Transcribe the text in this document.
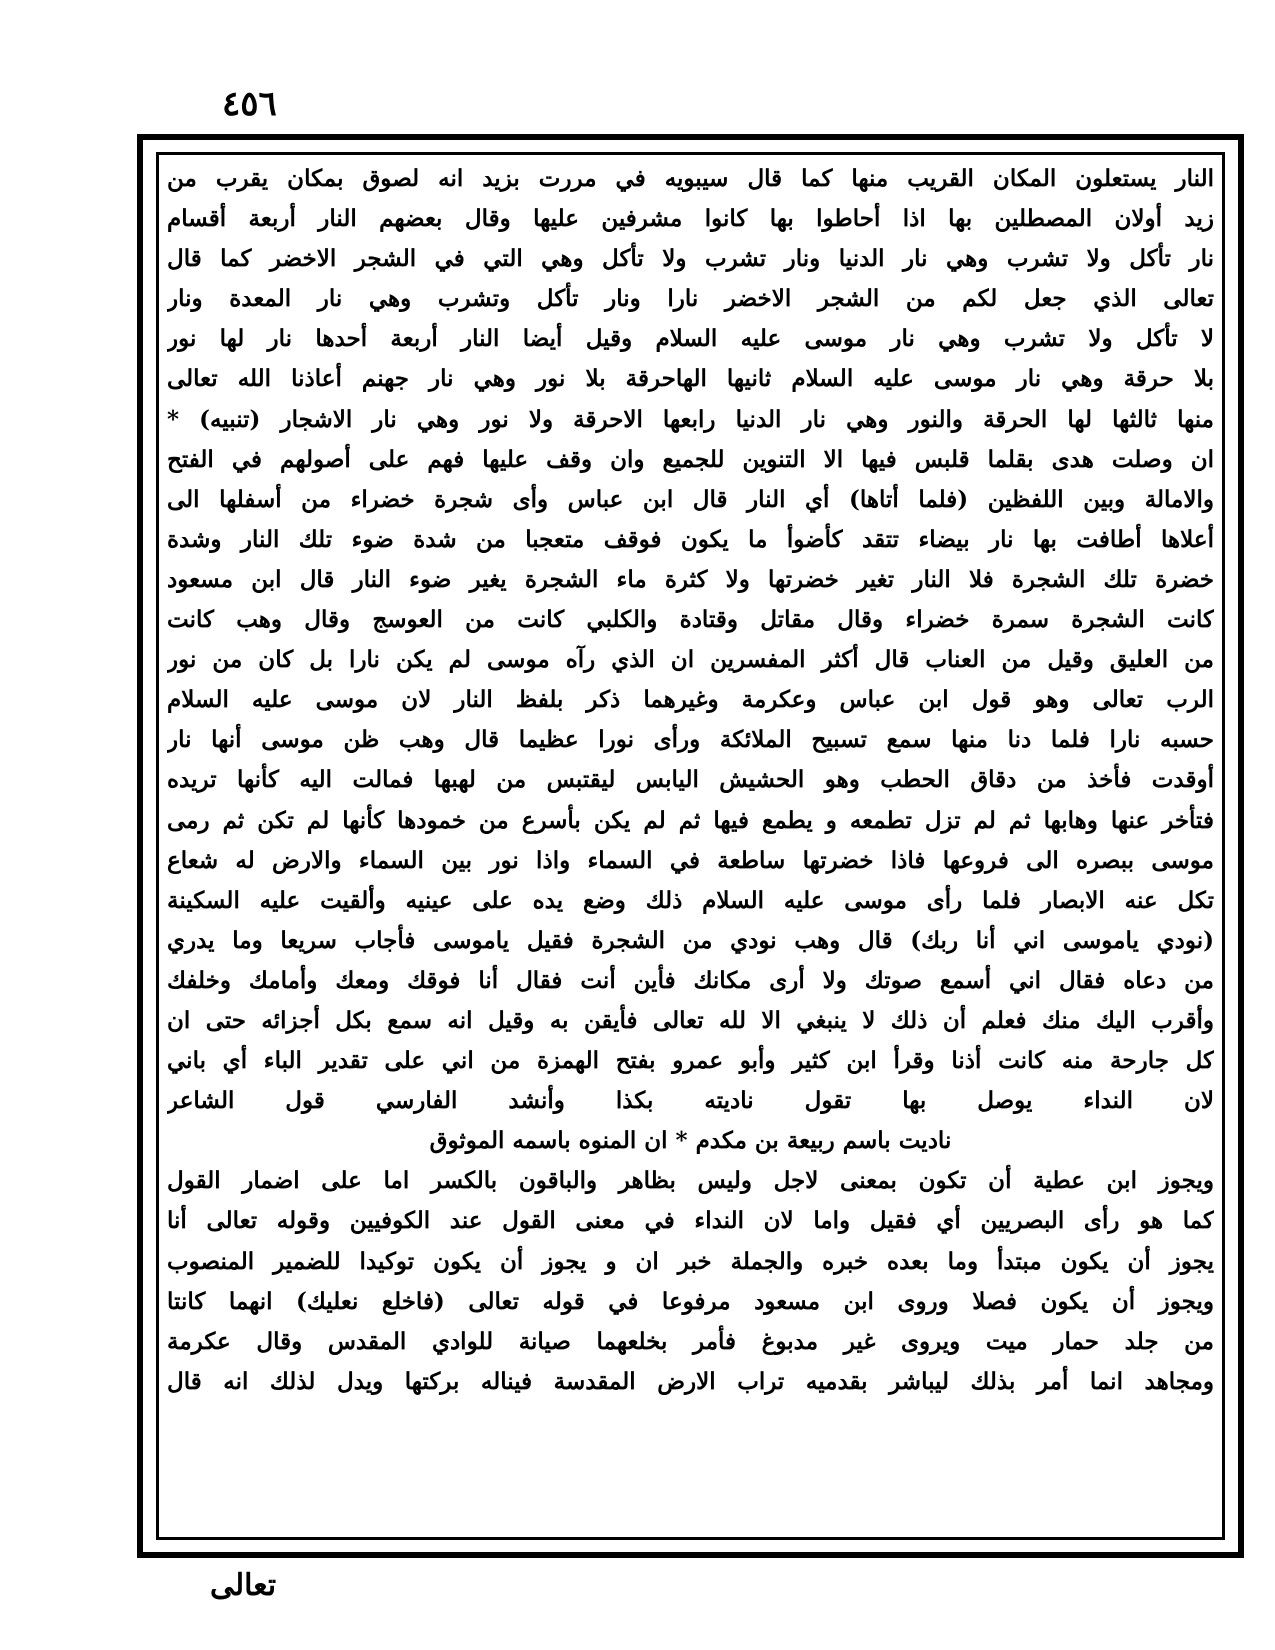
٤٥٦
النار يستعلون المكان القريب منها كما قال سيبويه في مررت بزيد انه لصوق بمكان يقرب من
زيد أولان المصطلين بها اذا أحاطوا بها كانوا مشرفين عليها وقال بعضهم النار أربعة أقسام
نار تأكل ولا تشرب وهي نار الدنيا ونار تشرب ولا تأكل وهي التي في الشجر الاخضر كما قال
تعالى الذي جعل لكم من الشجر الاخضر نارا ونار تأكل وتشرب وهي نار المعدة ونار
لا تأكل ولا تشرب وهي نار موسى عليه السلام وقيل أيضا النار أربعة أحدها نار لها نور
بلا حرقة وهي نار موسى عليه السلام ثانيها الهاحرقة بلا نور وهي نار جهنم أعاذنا الله تعالى
منها ثالثها لها الحرقة والنور وهي نار الدنيا رابعها الاحرقة ولا نور وهي نار الاشجار (تنبيه) *
ان وصلت هدى بقلما قلبس فيها الا التنوين للجميع وان وقف عليها فهم على أصولهم في الفتح
والامالة وبين اللفظين (فلما أتاها) أي النار قال ابن عباس وأى شجرة خضراء من أسفلها الى
أعلاها أطافت بها نار بيضاء تتقد كأضوأ ما يكون فوقف متعجبا من شدة ضوء تلك النار وشدة
خضرة تلك الشجرة فلا النار تغير خضرتها ولا كثرة ماء الشجرة يغير ضوء النار قال ابن مسعود
كانت الشجرة سمرة خضراء وقال مقاتل وقتادة والكلبي كانت من العوسج وقال وهب كانت
من العليق وقيل من العناب قال أكثر المفسرين ان الذي رآه موسى لم يكن نارا بل كان من نور
الرب تعالى وهو قول ابن عباس وعكرمة وغيرهما ذكر بلفظ النار لان موسى عليه السلام
حسبه نارا فلما دنا منها سمع تسبيح الملائكة ورأى نورا عظيما قال وهب ظن موسى أنها نار
أوقدت فأخذ من دقاق الحطب وهو الحشيش اليابس ليقتبس من لهبها فمالت اليه كأنها تريده
فتأخر عنها وهابها ثم لم تزل تطمعه و يطمع فيها ثم لم يكن بأسرع من خمودها كأنها لم تكن ثم رمى
موسى ببصره الى فروعها فاذا خضرتها ساطعة في السماء واذا نور بين السماء والارض له شعاع
تكل عنه الابصار فلما رأى موسى عليه السلام ذلك وضع يده على عينيه وألقيت عليه السكينة
(نودي ياموسى اني أنا ربك) قال وهب نودي من الشجرة فقيل ياموسى فأجاب سريعا وما يدري
من دعاه فقال اني أسمع صوتك ولا أرى مكانك فأين أنت فقال أنا فوقك ومعك وأمامك وخلفك
وأقرب اليك منك فعلم أن ذلك لا ينبغي الا لله تعالى فأيقن به وقيل انه سمع بكل أجزائه حتى ان
كل جارحة منه كانت أذنا وقرأ ابن كثير وأبو عمرو بفتح الهمزة من اني على تقدير الباء أي باني
لان النداء يوصل بها تقول ناديته بكذا وأنشد الفارسي قول الشاعر
ناديت باسم ربيعة بن مكدم * ان المنوه باسمه الموثوق
ويجوز ابن عطية أن تكون بمعنى لاجل وليس بظاهر والباقون بالكسر اما على اضمار القول
كما هو رأى البصريين أي فقيل واما لان النداء في معنى القول عند الكوفيين وقوله تعالى أنا
يجوز أن يكون مبتدأ وما بعده خبره والجملة خبر ان و يجوز أن يكون توكيدا للضمير المنصوب
ويجوز أن يكون فصلا وروى ابن مسعود مرفوعا في قوله تعالى (فاخلع نعليك) انهما كانتا
من جلد حمار ميت ويروى غير مدبوغ فأمر بخلعهما صيانة للوادي المقدس وقال عكرمة
ومجاهد انما أمر بذلك ليباشر بقدميه تراب الارض المقدسة فيناله بركتها ويدل لذلك انه قال
تعالى
